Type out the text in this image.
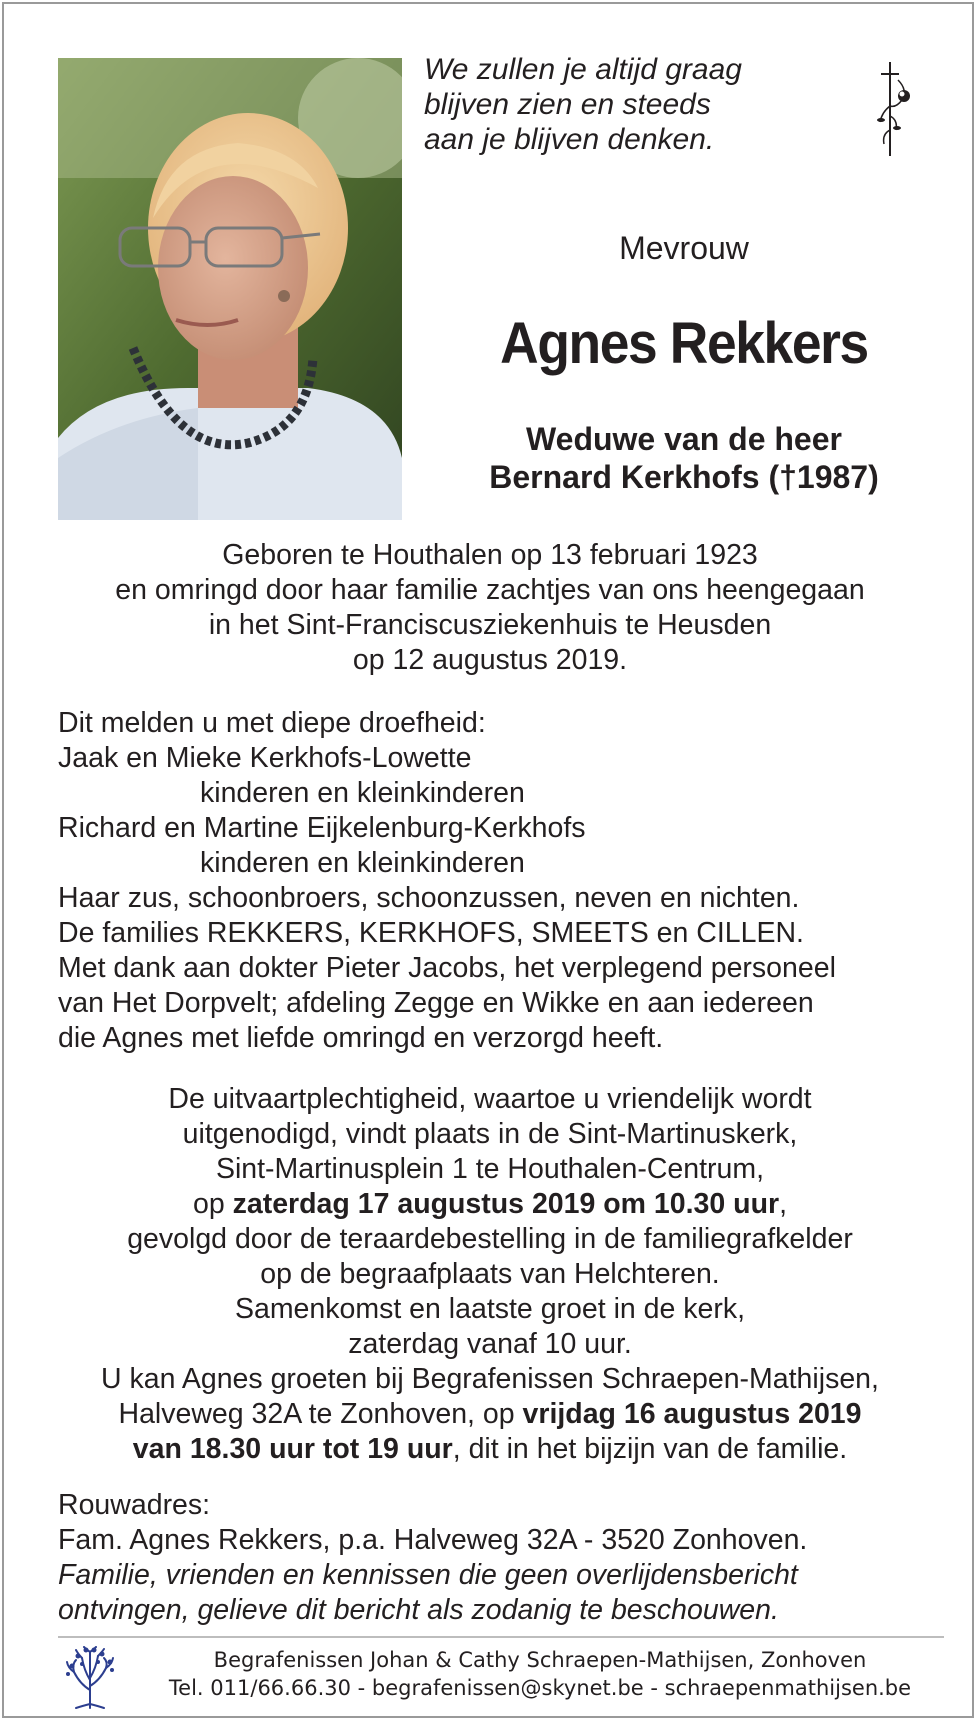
We zullen je altijd graag
blijven zien en steeds
aan je blijven denken.
Mevrouw
Agnes Rekkers
Weduwe van de heer
Bernard Kerkhofs (†1987)
Geboren te Houthalen op 13 februari 1923
en omringd door haar familie zachtjes van ons heengegaan
in het Sint-Franciscusziekenhuis te Heusden
op 12 augustus 2019.
Dit melden u met diepe droefheid:
Jaak en Mieke Kerkhofs-Lowette
kinderen en kleinkinderen
Richard en Martine Eijkelenburg-Kerkhofs
kinderen en kleinkinderen
Haar zus, schoonbroers, schoonzussen, neven en nichten.
De families REKKERS, KERKHOFS, SMEETS en CILLEN.
Met dank aan dokter Pieter Jacobs, het verplegend personeel
van Het Dorpvelt; afdeling Zegge en Wikke en aan iedereen
die Agnes met liefde omringd en verzorgd heeft.
De uitvaartplechtigheid, waartoe u vriendelijk wordt
uitgenodigd, vindt plaats in de Sint-Martinuskerk,
Sint-Martinusplein 1 te Houthalen-Centrum,
op zaterdag 17 augustus 2019 om 10.30 uur,
gevolgd door de teraardebestelling in de familiegrafkelder
op de begraafplaats van Helchteren.
Samenkomst en laatste groet in de kerk,
zaterdag vanaf 10 uur.
U kan Agnes groeten bij Begrafenissen Schraepen-Mathijsen,
Halveweg 32A te Zonhoven, op vrijdag 16 augustus 2019
van 18.30 uur tot 19 uur, dit in het bijzijn van de familie.
Rouwadres:
Fam. Agnes Rekkers, p.a. Halveweg 32A - 3520 Zonhoven.
Familie, vrienden en kennissen die geen overlijdensbericht
ontvingen, gelieve dit bericht als zodanig te beschouwen.
Begrafenissen Johan & Cathy Schraepen-Mathijsen, Zonhoven
Tel. 011/66.66.30 - begrafenissen@skynet.be - schraepenmathijsen.be
